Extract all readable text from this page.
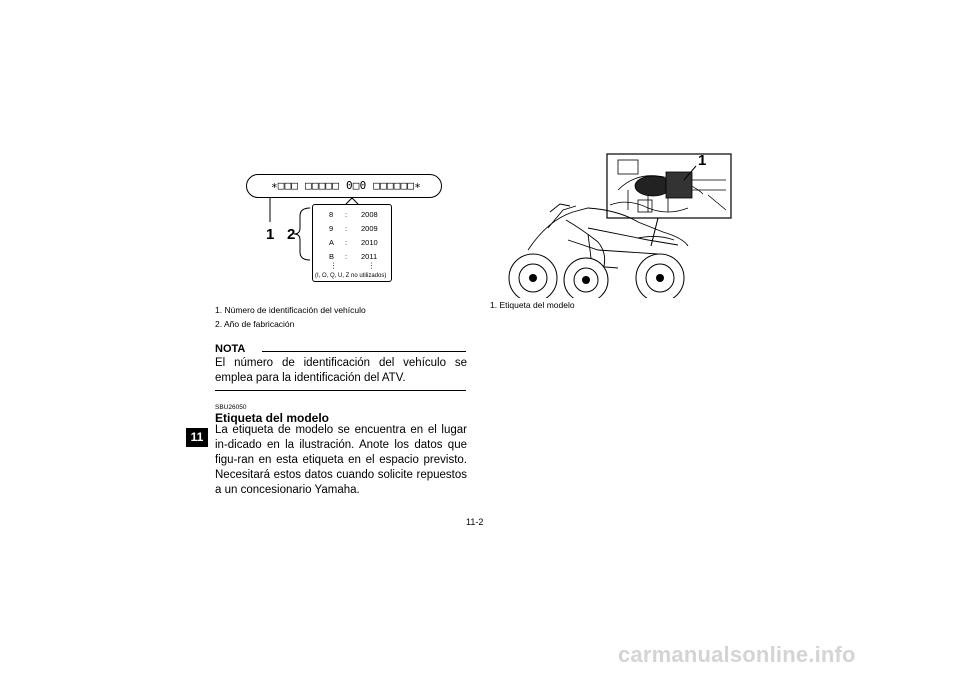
∗□□□ □□□□□ 0□0 □□□□□□∗
1 2
8 : 2008
9 : 2009
A : 2010
B : 2011
⋮	⋮
(I, O, Q, U, Z no utilizados)
1. Número de identificación del vehículo
2. Año de fabricación
NOTA
El número de identificación del vehículo se emplea para la identificación del ATV.
SBU26050
Etiqueta del modelo
La etiqueta de modelo se encuentra en el lugar in-dicado en la ilustración. Anote los datos que figu-ran en esta etiqueta en el espacio previsto. Necesitará estos datos cuando solicite repuestos a un concesionario Yamaha.
11
1
1. Etiqueta del modelo
11-2
carmanualsonline.info
